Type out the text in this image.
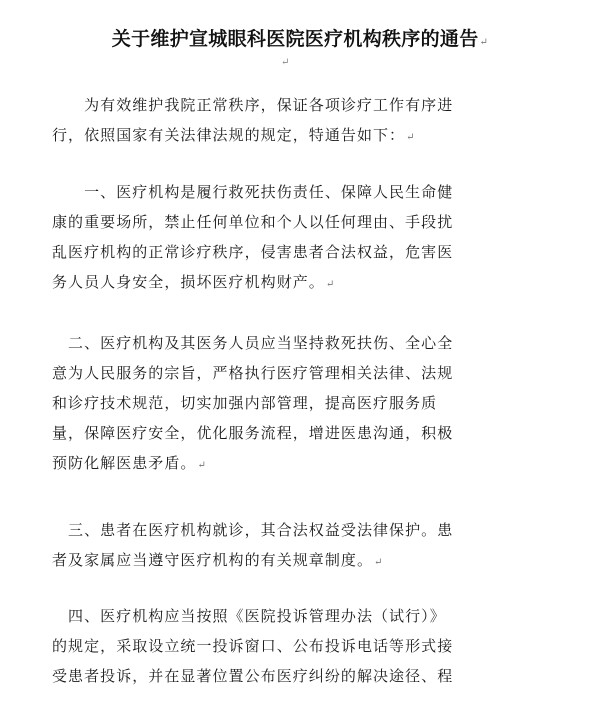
关于维护宣城眼科医院医疗机构秩序的通告↵
↵
　　为有效维护我院正常秩序，保证各项诊疗工作有序进
行，依照国家有关法律法规的规定，特通告如下：↵
　　一、医疗机构是履行救死扶伤责任、保障人民生命健
康的重要场所，禁止任何单位和个人以任何理由、手段扰
乱医疗机构的正常诊疗秩序，侵害患者合法权益，危害医
务人员人身安全，损坏医疗机构财产。↵
　二、医疗机构及其医务人员应当坚持救死扶伤、全心全
意为人民服务的宗旨，严格执行医疗管理相关法律、法规
和诊疗技术规范，切实加强内部管理，提高医疗服务质
量，保障医疗安全，优化服务流程，增进医患沟通，积极
预防化解医患矛盾。↵
　三、患者在医疗机构就诊，其合法权益受法律保护。患
者及家属应当遵守医疗机构的有关规章制度。↵
　四、医疗机构应当按照《医院投诉管理办法（试行）》
的规定，采取设立统一投诉窗口、公布投诉电话等形式接
受患者投诉，并在显著位置公布医疗纠纷的解决途径、程
